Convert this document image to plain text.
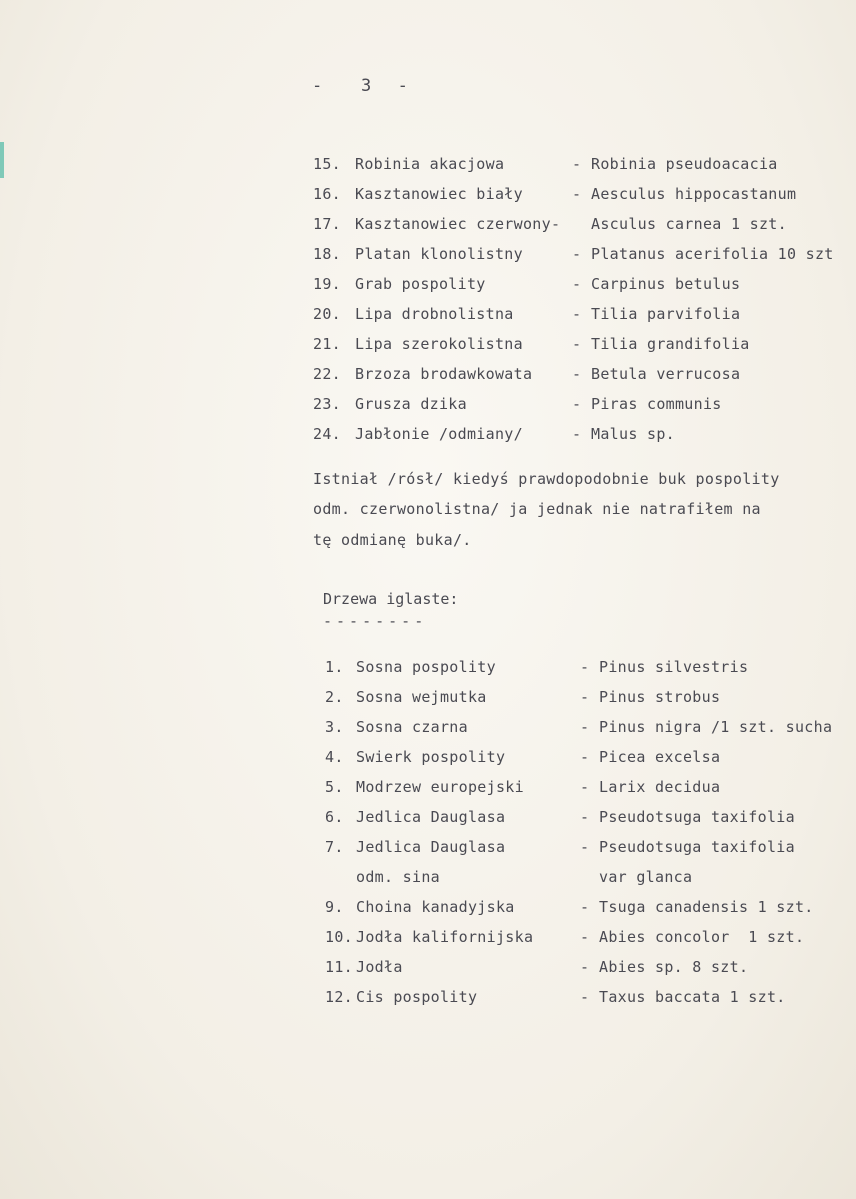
-   3  -
15. Robinia akacjowa	- Robinia pseudoacacia
16. Kasztanowiec biały	- Aesculus hippocastanum
17. Kasztanowiec czerwony- Asculus carnea 1 szt.
18. Platan klonolistny	- Platanus acerifolia 10 szt
19. Grab pospolity	- Carpinus betulus
20. Lipa drobnolistna	- Tilia parvifolia
21. Lipa szerokolistna	- Tilia grandifolia
22. Brzoza brodawkowata	- Betula verrucosa
23. Grusza dzika	- Piras communis
24. Jabłonie /odmiany/	- Malus sp.
Istniał /rósł/ kiedyś prawdopodobnie buk pospolity
odm. czerwonolistna/ ja jednak nie natrafiłem na
tę odmianę buka/.
Drzewa iglaste:
--------
1. Sosna pospolity	- Pinus silvestris
2. Sosna wejmutka	- Pinus strobus
3. Sosna czarna	- Pinus nigra /1 szt. sucha
4. Swierk pospolity	- Picea excelsa
5. Modrzew europejski	- Larix decidua
6. Jedlica Dauglasa	- Pseudotsuga taxifolia
7. Jedlica Dauglasa	- Pseudotsuga taxifolia
odm. sina	var glanca
9. Choina kanadyjska	- Tsuga canadensis 1 szt.
10. Jodła kalifornijska	- Abies concolor  1 szt.
11. Jodła	- Abies sp. 8 szt.
12. Cis pospolity	- Taxus baccata 1 szt.
